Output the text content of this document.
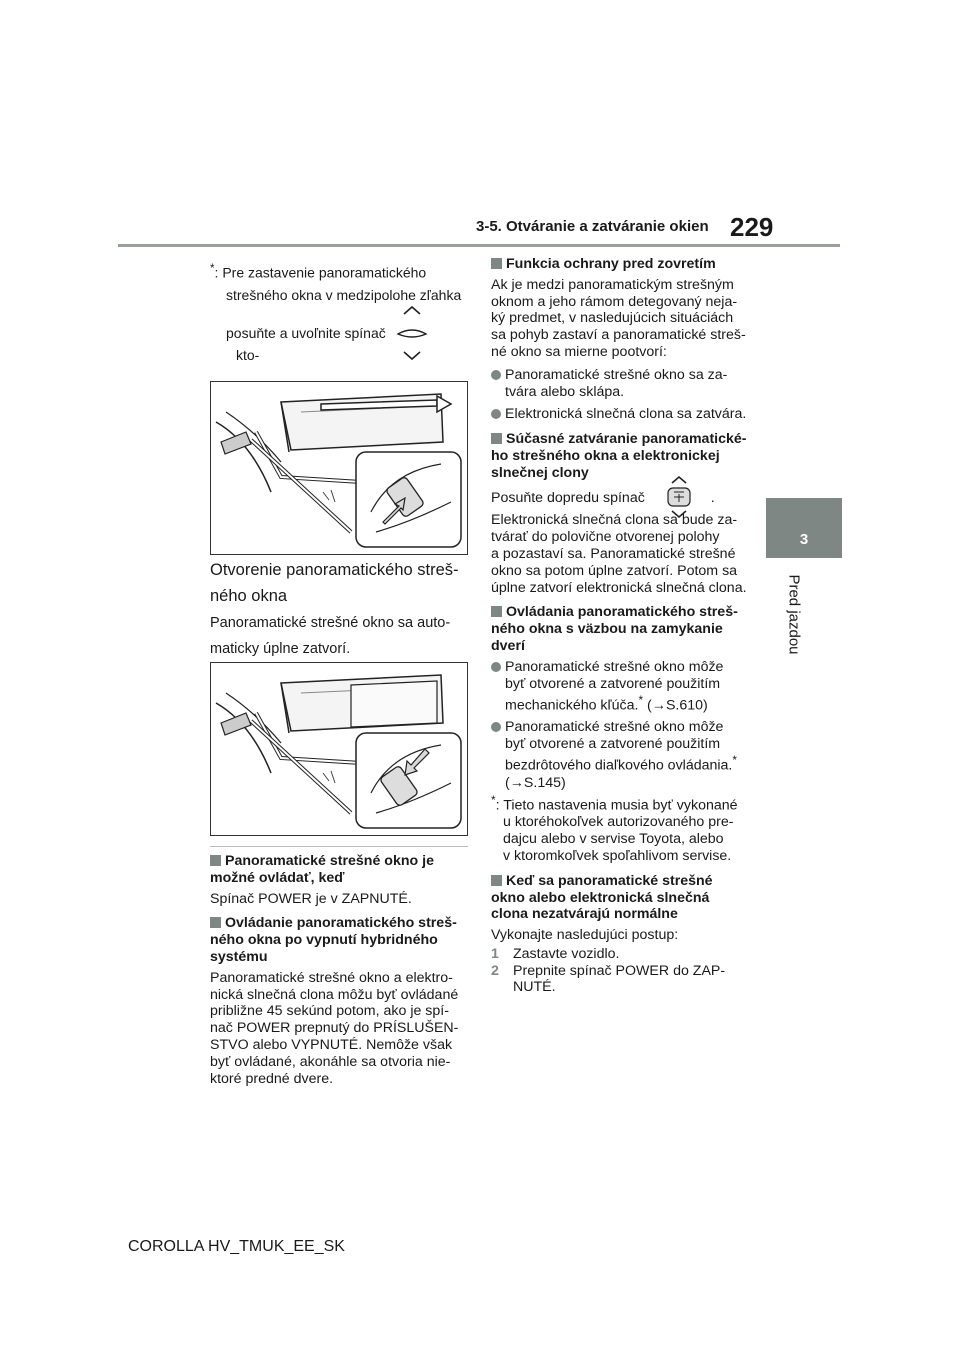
3-5. Otváranie a zatváranie okien 229
3
Pred jazdou

*: Pre zastavenie panoramatického

strešného okna v medzipolohe zľahka

posuňte a uvoľnite spínač
kto-

Otvorenie panoramatického streš-

ného okna

Panoramatické strešné okno sa auto-

maticky úplne zatvorí.

Panoramatické strešné okno je

možné ovládať, keď

Spínač POWER je v ZAPNUTÉ.

Ovládanie panoramatického streš-

ného okna po vypnutí hybridného

systému

Panoramatické strešné okno a elektro-

nická slnečná clona môžu byť ovládané

približne 45 sekúnd potom, ako je spí-

nač POWER prepnutý do PRÍSLUŠEN-

STVO alebo VYPNUTÉ. Nemôže však

byť ovládané, akonáhle sa otvoria nie-

ktoré predné dvere.

Funkcia ochrany pred zovretím

Ak je medzi panoramatickým strešným

oknom a jeho rámom detegovaný neja-

ký predmet, v nasledujúcich situáciách

sa pohyb zastaví a panoramatické streš-

né okno sa mierne pootvorí:

Panoramatické strešné okno sa za-

tvára alebo sklápa.

Elektronická slnečná clona sa zatvára.

Súčasné zatváranie panoramatické-

ho strešného okna a elektronickej

slnečnej clony

Posuňte dopredu spínač	.

Elektronická slnečná clona sa bude za-

tvárať do polovične otvorenej polohy

a pozastaví sa. Panoramatické strešné

okno sa potom úplne zatvorí. Potom sa

úplne zatvorí elektronická slnečná clona.

Ovládania panoramatického streš-

ného okna s väzbou na zamykanie

dverí

Panoramatické strešné okno môže

byť otvorené a zatvorené použitím

mechanického kľúča.* (→S.610)

Panoramatické strešné okno môže

byť otvorené a zatvorené použitím

bezdrôtového diaľkového ovládania.*

(→S.145)

*: Tieto nastavenia musia byť vykonané

u ktoréhokoľvek autorizovaného pre-

dajcu alebo v servise Toyota, alebo

v ktoromkoľvek spoľahlivom servise.

Keď sa panoramatické strešné

okno alebo elektronická slnečná

clona nezatvárajú normálne

Vykonajte nasledujúci postup:

1 Zastavte vozidlo.

2 Prepnite spínač POWER do ZAP-

NUTÉ.

COROLLA HV_TMUK_EE_SK
